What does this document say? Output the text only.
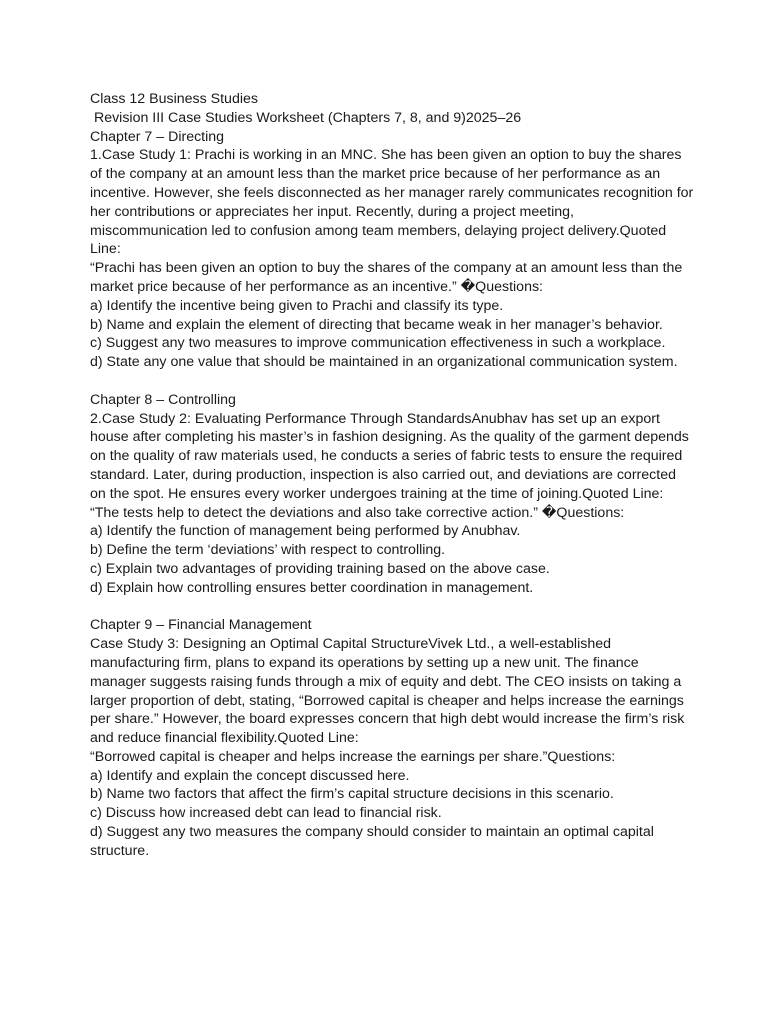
Class 12 Business Studies
Revision III Case Studies Worksheet (Chapters 7, 8, and 9)2025–26
Chapter 7 – Directing
1.Case Study 1: Prachi is working in an MNC. She has been given an option to buy the shares
of the company at an amount less than the market price because of her performance as an
incentive. However, she feels disconnected as her manager rarely communicates recognition for
her contributions or appreciates her input. Recently, during a project meeting,
miscommunication led to confusion among team members, delaying project delivery.Quoted
Line:
“Prachi has been given an option to buy the shares of the company at an amount less than the
market price because of her performance as an incentive.” �Questions:
a) Identify the incentive being given to Prachi and classify its type.
b) Name and explain the element of directing that became weak in her manager’s behavior.
c) Suggest any two measures to improve communication effectiveness in such a workplace.
d) State any one value that should be maintained in an organizational communication system.
Chapter 8 – Controlling
2.Case Study 2: Evaluating Performance Through StandardsAnubhav has set up an export
house after completing his master’s in fashion designing. As the quality of the garment depends
on the quality of raw materials used, he conducts a series of fabric tests to ensure the required
standard. Later, during production, inspection is also carried out, and deviations are corrected
on the spot. He ensures every worker undergoes training at the time of joining.Quoted Line:
“The tests help to detect the deviations and also take corrective action.” �Questions:
a) Identify the function of management being performed by Anubhav.
b) Define the term ‘deviations’ with respect to controlling.
c) Explain two advantages of providing training based on the above case.
d) Explain how controlling ensures better coordination in management.
Chapter 9 – Financial Management
Case Study 3: Designing an Optimal Capital StructureVivek Ltd., a well-established
manufacturing firm, plans to expand its operations by setting up a new unit. The finance
manager suggests raising funds through a mix of equity and debt. The CEO insists on taking a
larger proportion of debt, stating, “Borrowed capital is cheaper and helps increase the earnings
per share.” However, the board expresses concern that high debt would increase the firm’s risk
and reduce financial flexibility.Quoted Line:
“Borrowed capital is cheaper and helps increase the earnings per share.”Questions:
a) Identify and explain the concept discussed here.
b) Name two factors that affect the firm’s capital structure decisions in this scenario.
c) Discuss how increased debt can lead to financial risk.
d) Suggest any two measures the company should consider to maintain an optimal capital
structure.
